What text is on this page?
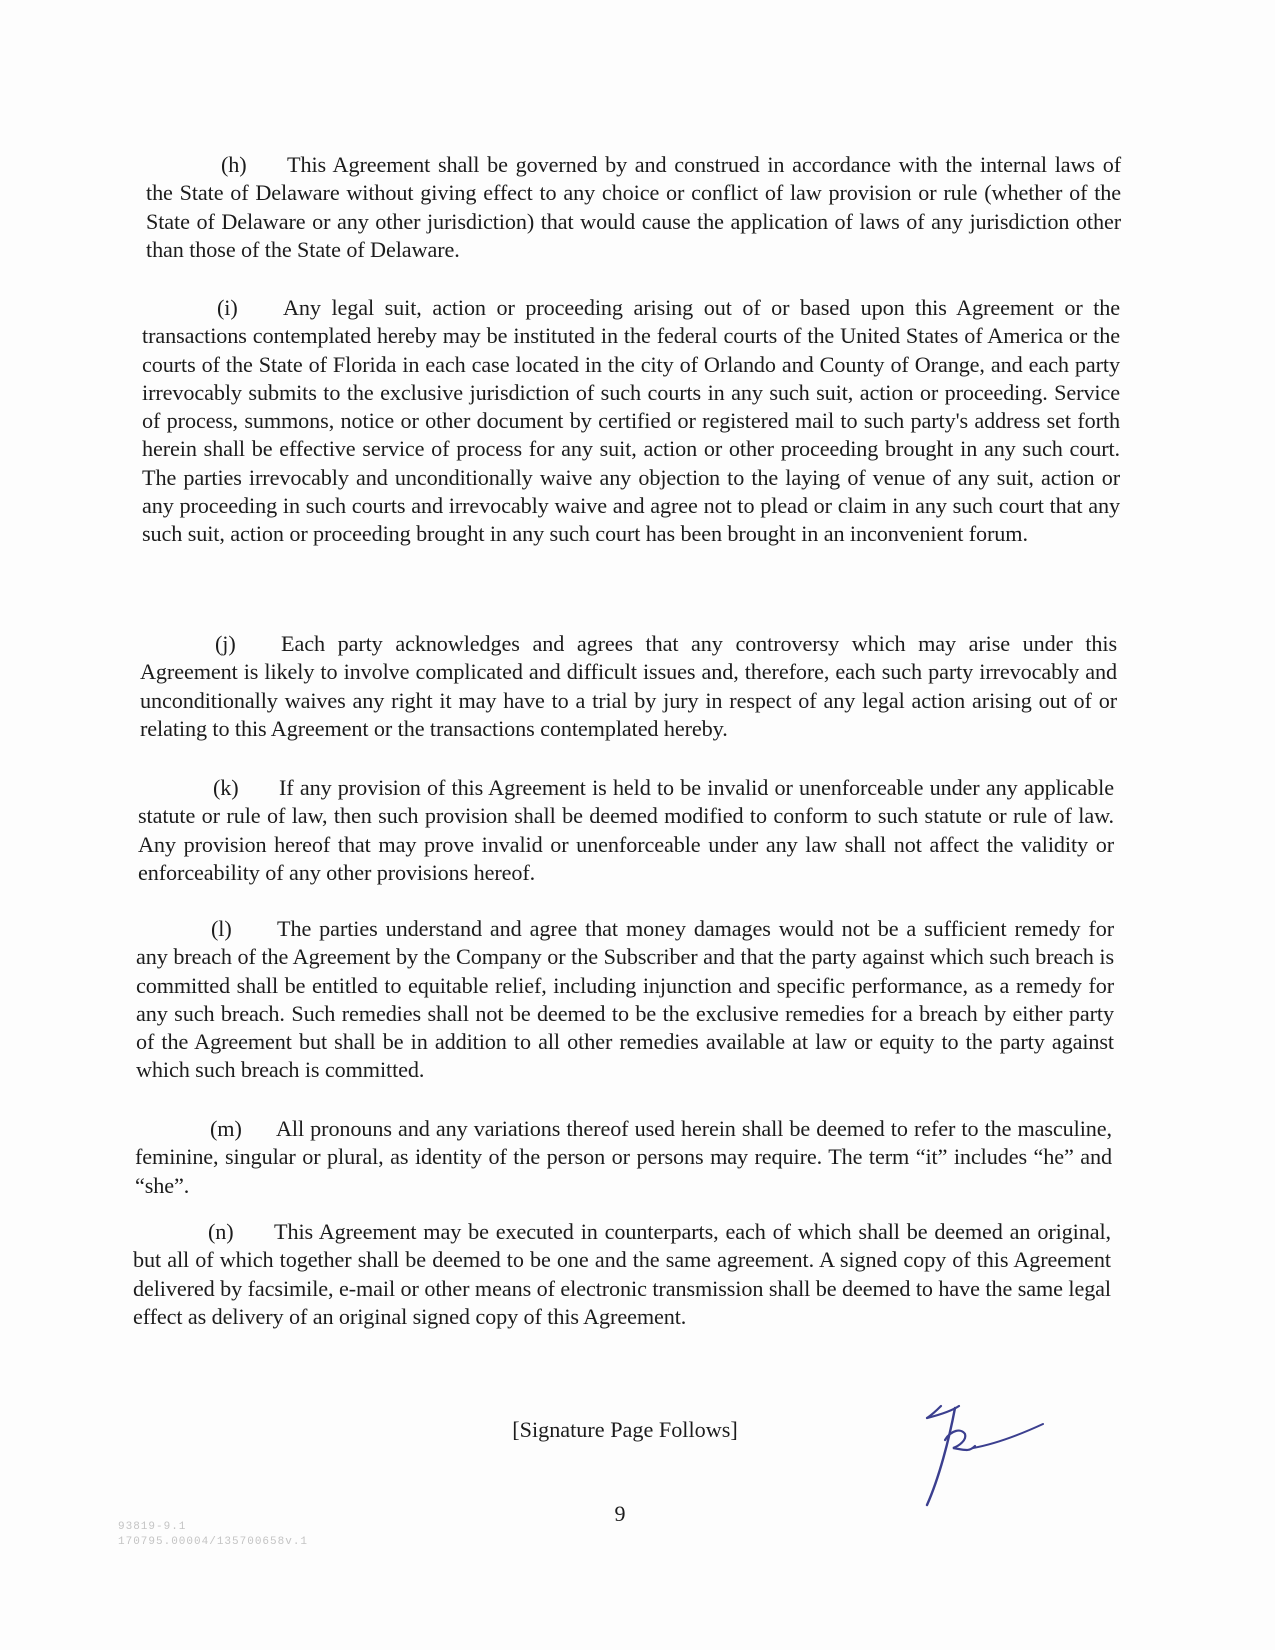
(h) This Agreement shall be governed by and construed in accordance with the internal laws of the State of Delaware without giving effect to any choice or conflict of law provision or rule (whether of the State of Delaware or any other jurisdiction) that would cause the application of laws of any jurisdiction other than those of the State of Delaware.

(i) Any legal suit, action or proceeding arising out of or based upon this Agreement or the transactions contemplated hereby may be instituted in the federal courts of the United States of America or the courts of the State of Florida in each case located in the city of Orlando and County of Orange, and each party irrevocably submits to the exclusive jurisdiction of such courts in any such suit, action or proceeding. Service of process, summons, notice or other document by certified or registered mail to such party's address set forth herein shall be effective service of process for any suit, action or other proceeding brought in any such court. The parties irrevocably and unconditionally waive any objection to the laying of venue of any suit, action or any proceeding in such courts and irrevocably waive and agree not to plead or claim in any such court that any such suit, action or proceeding brought in any such court has been brought in an inconvenient forum.

(j) Each party acknowledges and agrees that any controversy which may arise under this Agreement is likely to involve complicated and difficult issues and, therefore, each such party irrevocably and unconditionally waives any right it may have to a trial by jury in respect of any legal action arising out of or relating to this Agreement or the transactions contemplated hereby.

(k) If any provision of this Agreement is held to be invalid or unenforceable under any applicable statute or rule of law, then such provision shall be deemed modified to conform to such statute or rule of law. Any provision hereof that may prove invalid or unenforceable under any law shall not affect the validity or enforceability of any other provisions hereof.

(l) The parties understand and agree that money damages would not be a sufficient remedy for any breach of the Agreement by the Company or the Subscriber and that the party against which such breach is committed shall be entitled to equitable relief, including injunction and specific performance, as a remedy for any such breach. Such remedies shall not be deemed to be the exclusive remedies for a breach by either party of the Agreement but shall be in addition to all other remedies available at law or equity to the party against which such breach is committed.

(m) All pronouns and any variations thereof used herein shall be deemed to refer to the masculine, feminine, singular or plural, as identity of the person or persons may require. The term “it” includes “he” and “she”.

(n) This Agreement may be executed in counterparts, each of which shall be deemed an original, but all of which together shall be deemed to be one and the same agreement. A signed copy of this Agreement delivered by facsimile, e-mail or other means of electronic transmission shall be deemed to have the same legal effect as delivery of an original signed copy of this Agreement.

[Signature Page Follows]
9
93819-9.1
170795.00004/135700658v.1
